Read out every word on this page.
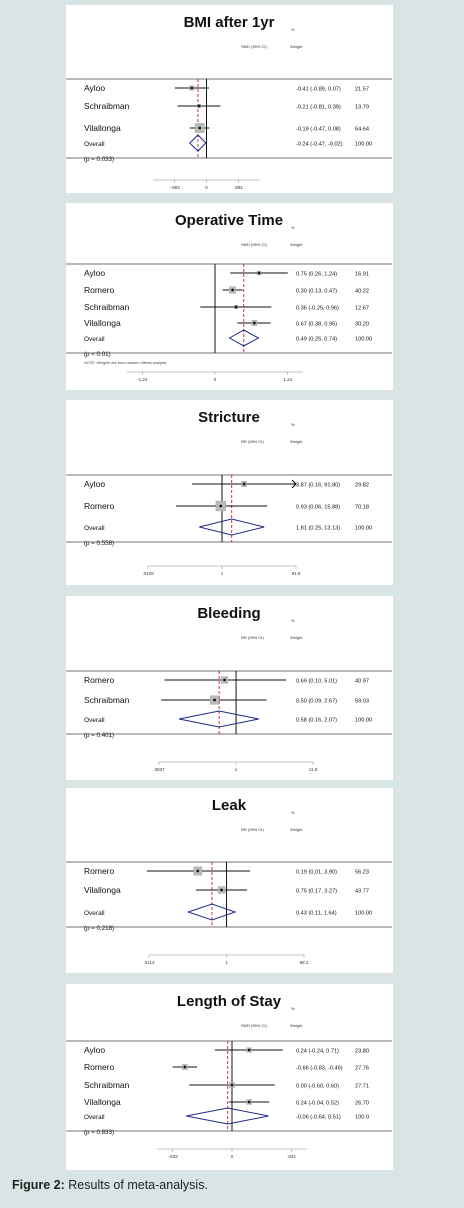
BMI after 1yr	%
SMD (95% CI)	Weight
Ayloo	-0.41 (-0.89, 0.07)	21.57
Schraibman	-0.21 (-0.81, 0.39)	13.79
Vilallonga	-0.19 (-0.47, 0.08)	64.64
Overall	-0.24 (-0.47, -0.02) 100.00
(p = 0.033)
-.892	0	.892
Operative Time %
SMD (95% CI)	Weight
Ayloo	0.75 (0.26, 1.24)	16.91
Romero	0.30 (0.13, 0.47)	40.22
Schraibman	0.36 (-0.25, 0.96)	12.67
Vilallonga	0.67 (0.38, 0.95)	30.20
Overall	0.49 (0.25, 0.74)	100.00
(p < 0.01)
NOTE: Weights are from random effects analysis
-1.24	0	1.24
Stricture	%
RR (95% CI)	Weight
Ayloo	3.87 (0.16, 91.80)	29.82
Romero	0.93 (0.06, 15.88)	70.18
Overall	1.81 (0.25, 13.13)	100.00
(p = 0.558)
.0109	1	91.8
Bleeding	%
RR (95% CI)	Weight
Romero	0.69 (0.10, 5.01)	40.97
Schraibman	0.50 (0.09, 2.67)	59.03
Overall	0.58 (0.16, 2.07)	100.00
(p = 0.401)
.0837	1	11.9
Leak	%
RR (95% CI)	Weight
Romero	0.19 (0.01, 3.90)	56.23
Vilallonga	0.75 (0.17, 3.27)	43.77
Overall	0.43 (0.11, 1.64)	100.00
(p = 0.218)
.0113	1	88.2
Length of Stay %
SMD (95% CI)	Weight
Ayloo	0.24 (-0.24, 0.71)	23.80
Romero	-0.66 (-0.83, -0.49) 27.76
Schraibman	0.00 (-0.60, 0.60)	27.71
Vilallonga	0.24 (-0.04, 0.52)	26.70
Overall	-0.06 (-0.64, 0.51)	100.0
(p = 0.833)
-.832	0	.832
Figure 2: Results of meta-analysis.
